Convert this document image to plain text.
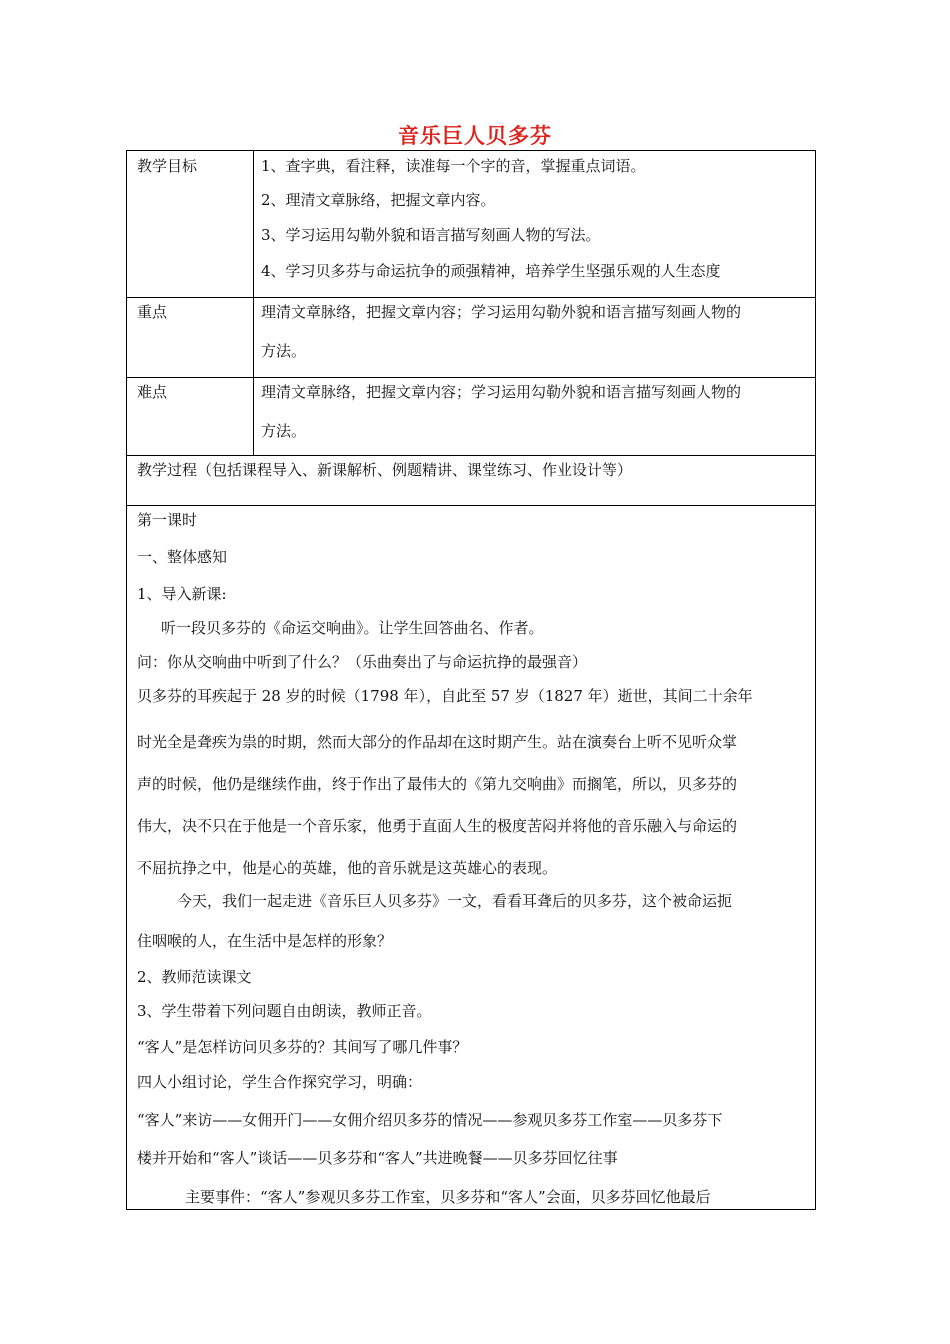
音乐巨人贝多芬
教学目标	1、查字典，看注释，读准每一个字的音，掌握重点词语。
2、理清文章脉络，把握文章内容。
3、学习运用勾勒外貌和语言描写刻画人物的写法。
4、学习贝多芬与命运抗争的顽强精神，培养学生坚强乐观的人生态度
重点	理清文章脉络，把握文章内容；学习运用勾勒外貌和语言描写刻画人物的
方法。
难点	理清文章脉络，把握文章内容；学习运用勾勒外貌和语言描写刻画人物的
方法。
教学过程（包括课程导入、新课解析、例题精讲、课堂练习、作业设计等）
第一课时
一、整体感知
1、导入新课:
听一段贝多芬的《命运交响曲》。让学生回答曲名、作者。
问：你从交响曲中听到了什么？（乐曲奏出了与命运抗挣的最强音）
贝多芬的耳疾起于 28 岁的时候（1798 年），自此至 57 岁（1827 年）逝世，其间二十余年
时光全是聋疾为祟的时期，然而大部分的作品却在这时期产生。站在演奏台上听不见听众掌
声的时候，他仍是继续作曲，终于作出了最伟大的《第九交响曲》而搁笔，所以，贝多芬的
伟大，决不只在于他是一个音乐家，他勇于直面人生的极度苦闷并将他的音乐融入与命运的
不屈抗挣之中，他是心的英雄，他的音乐就是这英雄心的表现。
今天，我们一起走进《音乐巨人贝多芬》一文，看看耳聋后的贝多芬，这个被命运扼
住咽喉的人，在生活中是怎样的形象？
2、教师范读课文
3、学生带着下列问题自由朗读，教师正音。
“客人”是怎样访问贝多芬的？其间写了哪几件事？
四人小组讨论，学生合作探究学习，明确：
“客人”来访——女佣开门——女佣介绍贝多芬的情况——参观贝多芬工作室——贝多芬下
楼并开始和“客人”谈话——贝多芬和“客人”共进晚餐——贝多芬回忆往事
主要事件：“客人”参观贝多芬工作室，贝多芬和“客人”会面，贝多芬回忆他最后
